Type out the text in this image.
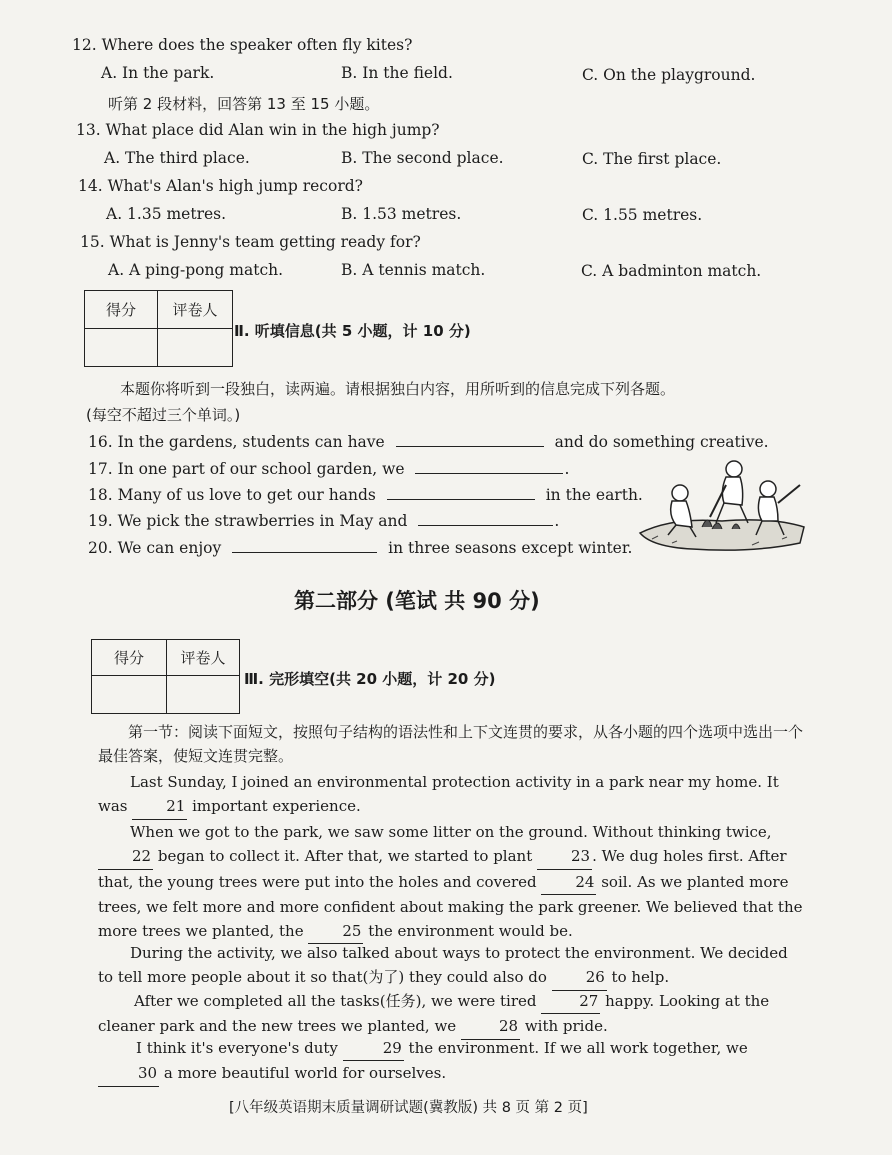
12. Where does the speaker often fly kites?
A. In the park.	B. In the field.	C. On the playground.
听第 2 段材料，回答第 13 至 15 小题。
13. What place did Alan win in the high jump?
A. The third place.	B. The second place.	C. The first place.
14. What's Alan's high jump record?
A. 1.35 metres.	B. 1.53 metres.	C. 1.55 metres.
15. What is Jenny's team getting ready for?
A. A ping-pong match.	B. A tennis match.	C. A badminton match.
得分	评卷人

Ⅱ. 听填信息(共 5 小题，计 10 分)
本题你将听到一段独白，读两遍。请根据独白内容，用所听到的信息完成下列各题。
(每空不超过三个单词。)
16. In the gardens, students can have	and do something creative.
17. In one part of our school garden, we	.
18. Many of us love to get our hands	in the earth.
19. We pick the strawberries in May and	.
20. We can enjoy	in three seasons except winter.
第二部分 (笔试 共 90 分)
得分	评卷人

Ⅲ. 完形填空(共 20 小题，计 20 分)
第一节：阅读下面短文，按照句子结构的语法性和上下文连贯的要求，从各小题的四个选项中选出一个最佳答案，使短文连贯完整。
Last Sunday, I joined an environmental protection activity in a park near my home. It was 21 important experience.
When we got to the park, we saw some litter on the ground. Without thinking twice, 22 began to collect it. After that, we started to plant 23 . We dug holes first. After that, the young trees were put into the holes and covered 24 soil. As we planted more trees, we felt more and more confident about making the park greener. We believed that the more trees we planted, the 25 the environment would be.
During the activity, we also talked about ways to protect the environment. We decided to tell more people about it so that(为了) they could also do 26 to help.
After we completed all the tasks(任务), we were tired	27 happy. Looking at the cleaner park and the new trees we planted, we	28 with pride.
I think it's everyone's duty	29 the environment. If we all work together, we 30 a more beautiful world for ourselves.
[八年级英语期末质量调研试题(冀教版) 共 8 页 第 2 页]
